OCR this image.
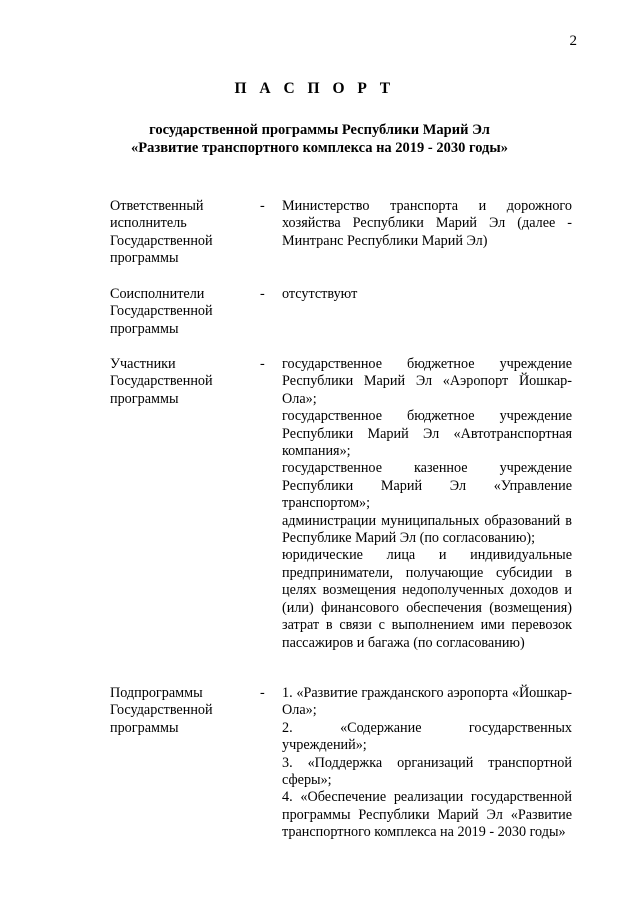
2
П А С П О Р Т
государственной программы Республики Марий Эл
«Развитие транспортного комплекса на 2019 - 2030 годы»
Ответственный
исполнитель
Государственной
программы
-	Министерство транспорта и дорожного хозяйства Республики Марий Эл (далее - Минтранс Республики Марий Эл)

Соисполнители
Государственной
программы
-	отсутствуют

Участники
Государственной
программы
-	государственное бюджетное учреждение Республики Марий Эл «Аэропорт Йошкар-Ола»;

государственное бюджетное учреждение Республики Марий Эл «Автотранспортная компания»;

государственное казенное учреждение Республики Марий Эл «Управление транспортом»;

администрации муниципальных образований в Республике Марий Эл (по согласованию);

юридические лица и индивидуальные предприниматели, получающие субсидии в целях возмещения недополученных доходов и (или) финансового обеспечения (возмещения) затрат в связи с выполнением ими перевозок пассажиров и багажа (по согласованию)

Подпрограммы
Государственной
программы
-	1. «Развитие гражданского аэропорта «Йошкар-Ола»;

2. «Содержание государственных учреждений»;

3. «Поддержка организаций транспортной сферы»;

4. «Обеспечение реализации государственной программы Республики Марий Эл «Развитие транспортного комплекса на 2019 - 2030 годы»
